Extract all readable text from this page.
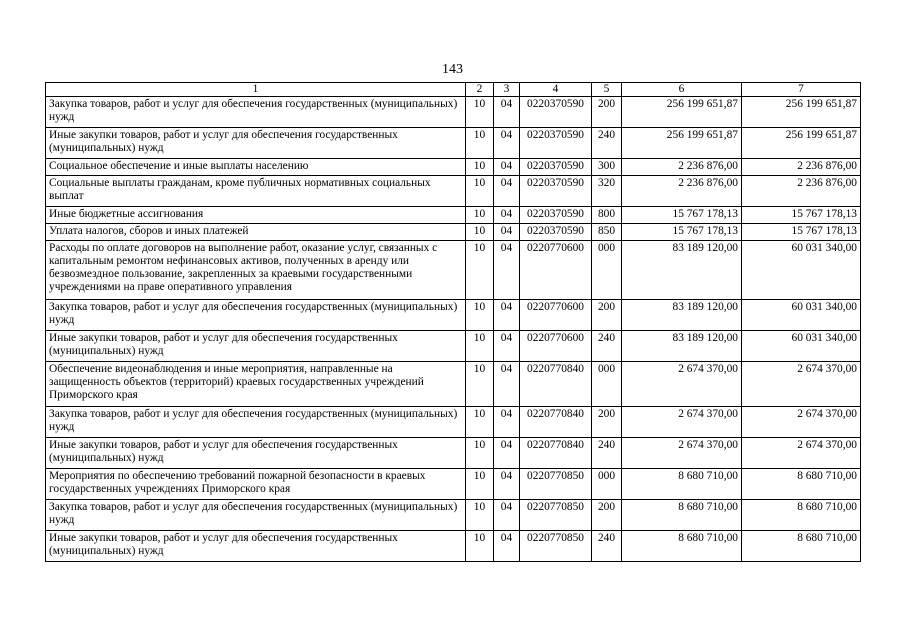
143
1	2	3	4	5	6	7
Закупка товаров, работ и услуг для обеспечения государственных (муниципальных) нужд	10	04	0220370590	200	256 199 651,87	256 199 651,87
Иные закупки товаров, работ и услуг для обеспечения государственных (муниципальных) нужд	10	04	0220370590	240	256 199 651,87	256 199 651,87
Социальное обеспечение и иные выплаты населению	10	04	0220370590	300	2 236 876,00	2 236 876,00
Социальные выплаты гражданам, кроме публичных нормативных социальных выплат	10	04	0220370590	320	2 236 876,00	2 236 876,00
Иные бюджетные ассигнования	10	04	0220370590	800	15 767 178,13	15 767 178,13
Уплата налогов, сборов и иных платежей	10	04	0220370590	850	15 767 178,13	15 767 178,13
Расходы по оплате договоров на выполнение работ, оказание услуг, связанных с капитальным ремонтом нефинансовых активов, полученных в аренду или безвозмездное пользование, закрепленных за краевыми государственными учреждениями на праве оперативного управления	10	04	0220770600	000	83 189 120,00	60 031 340,00
Закупка товаров, работ и услуг для обеспечения государственных (муниципальных) нужд	10	04	0220770600	200	83 189 120,00	60 031 340,00
Иные закупки товаров, работ и услуг для обеспечения государственных (муниципальных) нужд	10	04	0220770600	240	83 189 120,00	60 031 340,00
Обеспечение видеонаблюдения и иные мероприятия, направленные на защищенность объектов (территорий) краевых государственных учреждений Приморского края	10	04	0220770840	000	2 674 370,00	2 674 370,00
Закупка товаров, работ и услуг для обеспечения государственных (муниципальных) нужд	10	04	0220770840	200	2 674 370,00	2 674 370,00
Иные закупки товаров, работ и услуг для обеспечения государственных (муниципальных) нужд	10	04	0220770840	240	2 674 370,00	2 674 370,00
Мероприятия по обеспечению требований пожарной безопасности в краевых государственных учреждениях Приморского края	10	04	0220770850	000	8 680 710,00	8 680 710,00
Закупка товаров, работ и услуг для обеспечения государственных (муниципальных) нужд	10	04	0220770850	200	8 680 710,00	8 680 710,00
Иные закупки товаров, работ и услуг для обеспечения государственных (муниципальных) нужд	10	04	0220770850	240	8 680 710,00	8 680 710,00
